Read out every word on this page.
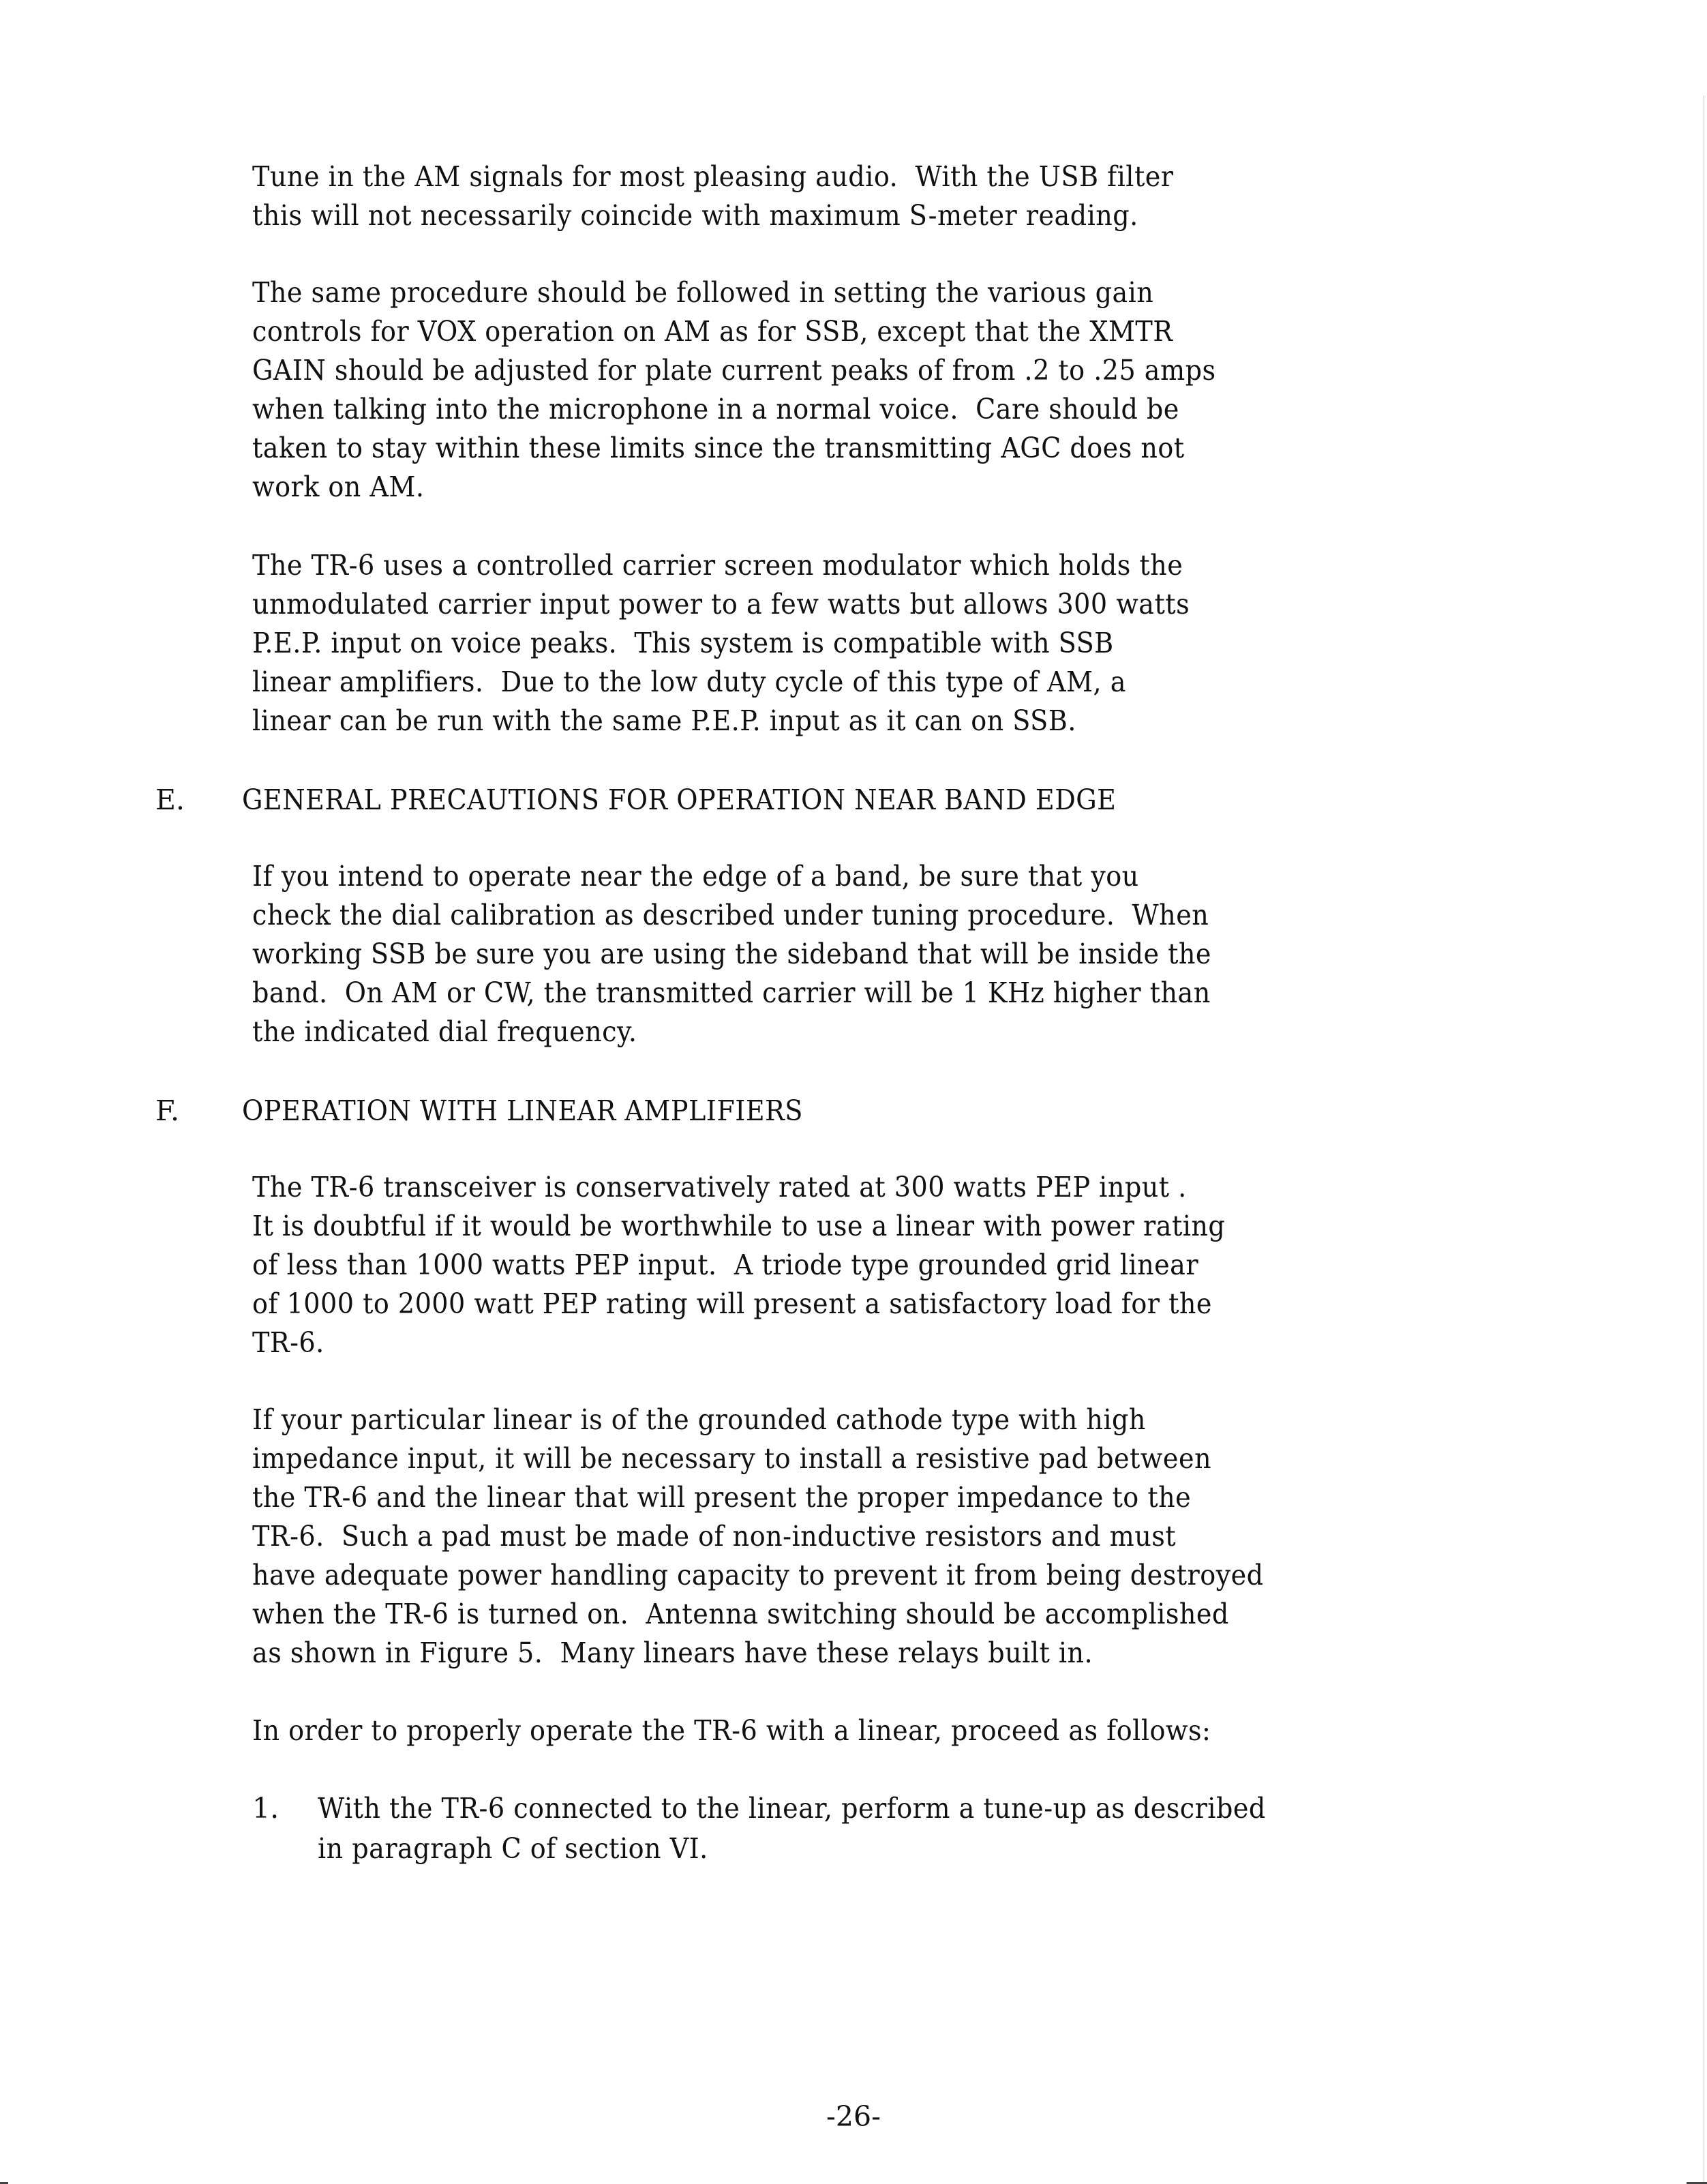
Tune in the AM signals for most pleasing audio.  With the USB filter
this will not necessarily coincide with maximum S-meter reading.
The same procedure should be followed in setting the various gain
controls for VOX operation on AM as for SSB, except that the XMTR
GAIN should be adjusted for plate current peaks of from .2 to .25 amps
when talking into the microphone in a normal voice.  Care should be
taken to stay within these limits since the transmitting AGC does not
work on AM.
The TR-6 uses a controlled carrier screen modulator which holds the
unmodulated carrier input power to a few watts but allows 300 watts
P.E.P. input on voice peaks.  This system is compatible with SSB
linear amplifiers.  Due to the low duty cycle of this type of AM, a
linear can be run with the same P.E.P. input as it can on SSB.
E. GENERAL PRECAUTIONS FOR OPERATION NEAR BAND EDGE
If you intend to operate near the edge of a band, be sure that you
check the dial calibration as described under tuning procedure.  When
working SSB be sure you are using the sideband that will be inside the
band.  On AM or CW, the transmitted carrier will be 1 KHz higher than
the indicated dial frequency.
F. OPERATION WITH LINEAR AMPLIFIERS
The TR-6 transceiver is conservatively rated at 300 watts PEP input .
It is doubtful if it would be worthwhile to use a linear with power rating
of less than 1000 watts PEP input.  A triode type grounded grid linear
of 1000 to 2000 watt PEP rating will present a satisfactory load for the
TR-6.
If your particular linear is of the grounded cathode type with high
impedance input, it will be necessary to install a resistive pad between
the TR-6 and the linear that will present the proper impedance to the
TR-6.  Such a pad must be made of non-inductive resistors and must
have adequate power handling capacity to prevent it from being destroyed
when the TR-6 is turned on.  Antenna switching should be accomplished
as shown in Figure 5.  Many linears have these relays built in.
In order to properly operate the TR-6 with a linear, proceed as follows:
1. With the TR-6 connected to the linear, perform a tune-up as described
in paragraph C of section VI.
-26-
